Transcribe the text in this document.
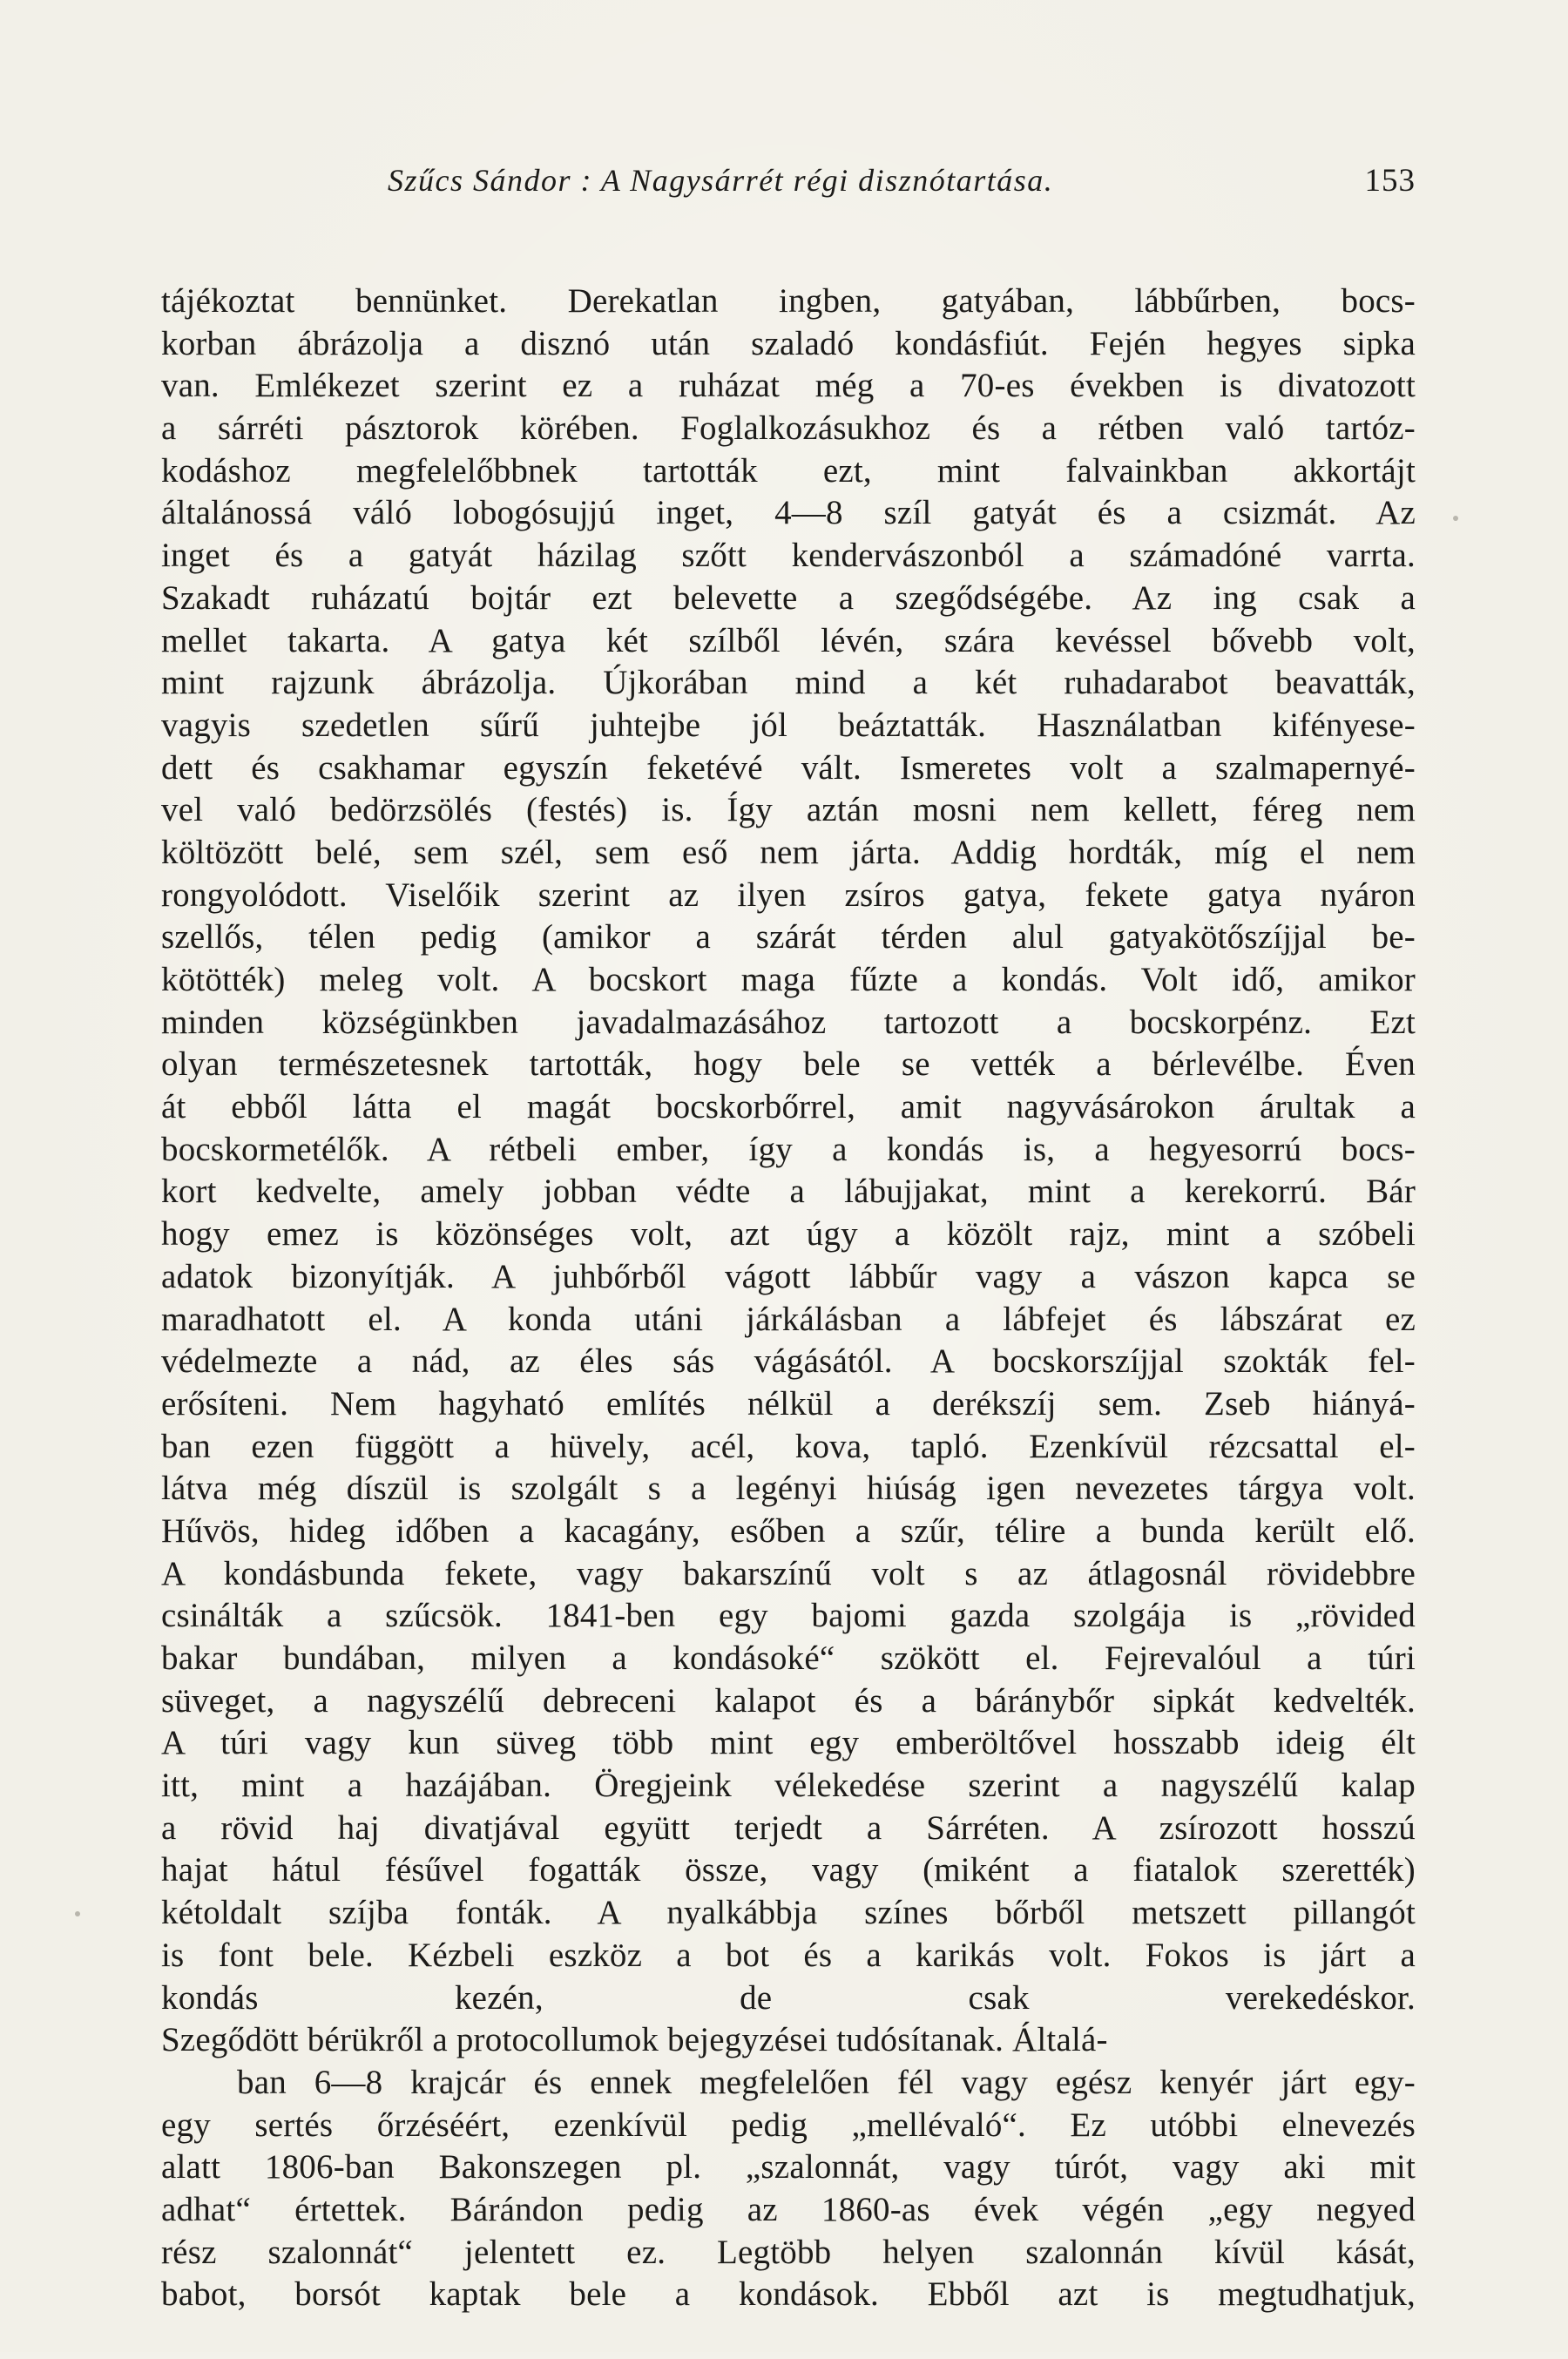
Szűcs Sándor : A Nagysárrét régi disznótartása.	153
tájékoztat bennünket. Derekatlan ingben, gatyában, lábbűrben, bocs-
korban ábrázolja a disznó után szaladó kondásfiút. Fején hegyes sipka
van. Emlékezet szerint ez a ruházat még a 70-es években is divatozott
a sárréti pásztorok körében. Foglalkozásukhoz és a rétben való tartóz-
kodáshoz megfelelőbbnek tartották ezt, mint falvainkban akkortájt
általánossá váló lobogósujjú inget, 4—8 szíl gatyát és a csizmát. Az
inget és a gatyát házilag szőtt kendervászonból a számadóné varrta.
Szakadt ruházatú bojtár ezt belevette a szegődségébe. Az ing csak a
mellet takarta. A gatya két szílből lévén, szára kevéssel bővebb volt,
mint rajzunk ábrázolja. Újkorában mind a két ruhadarabot beavatták,
vagyis szedetlen sűrű juhtejbe jól beáztatták. Használatban kifényese-
dett és csakhamar egyszín feketévé vált. Ismeretes volt a szalmapernyé-
vel való bedörzsölés (festés) is. Így aztán mosni nem kellett, féreg nem
költözött belé, sem szél, sem eső nem járta. Addig hordták, míg el nem
rongyolódott. Viselőik szerint az ilyen zsíros gatya, fekete gatya nyáron
szellős, télen pedig (amikor a szárát térden alul gatyakötőszíjjal be-
kötötték) meleg volt. A bocskort maga fűzte a kondás. Volt idő, amikor
minden községünkben javadalmazásához tartozott a bocskorpénz. Ezt
olyan természetesnek tartották, hogy bele se vették a bérlevélbe. Éven
át ebből látta el magát bocskorbőrrel, amit nagyvásárokon árultak a
bocskormetélők. A rétbeli ember, így a kondás is, a hegyesorrú bocs-
kort kedvelte, amely jobban védte a lábujjakat, mint a kerekorrú. Bár
hogy emez is közönséges volt, azt úgy a közölt rajz, mint a szóbeli
adatok bizonyítják. A juhbőrből vágott lábbűr vagy a vászon kapca se
maradhatott el. A konda utáni járkálásban a lábfejet és lábszárat ez
védelmezte a nád, az éles sás vágásától. A bocskorszíjjal szokták fel-
erősíteni. Nem hagyható említés nélkül a derékszíj sem. Zseb hiányá-
ban ezen függött a hüvely, acél, kova, tapló. Ezenkívül rézcsattal el-
látva még díszül is szolgált s a legényi hiúság igen nevezetes tárgya volt.
Hűvös, hideg időben a kacagány, esőben a szűr, télire a bunda került elő.
A kondásbunda fekete, vagy bakarszínű volt s az átlagosnál rövidebbre
csinálták a szűcsök. 1841-ben egy bajomi gazda szolgája is „rövided
bakar bundában, milyen a kondásoké“ szökött el. Fejrevalóul a túri
süveget, a nagyszélű debreceni kalapot és a báránybőr sipkát kedvelték.
A túri vagy kun süveg több mint egy emberöltővel hosszabb ideig élt
itt, mint a hazájában. Öregjeink vélekedése szerint a nagyszélű kalap
a rövid haj divatjával együtt terjedt a Sárréten. A zsírozott hosszú
hajat hátul fésűvel fogatták össze, vagy (miként a fiatalok szerették)
kétoldalt szíjba fonták. A nyalkábbja színes bőrből metszett pillangót
is font bele. Kézbeli eszköz a bot és a karikás volt. Fokos is járt a
kondás kezén, de csak verekedéskor.
Szegődött bérükről a protocollumok bejegyzései tudósítanak. Általá-
ban 6—8 krajcár és ennek megfelelően fél vagy egész kenyér járt egy-
egy sertés őrzéséért, ezenkívül pedig „mellévaló“. Ez utóbbi elnevezés
alatt 1806-ban Bakonszegen pl. „szalonnát, vagy túrót, vagy aki mit
adhat“ értettek. Bárándon pedig az 1860-as évek végén „egy negyed
rész szalonnát“ jelentett ez. Legtöbb helyen szalonnán kívül kását,
babot, borsót kaptak bele a kondások. Ebből azt is megtudhatjuk,
